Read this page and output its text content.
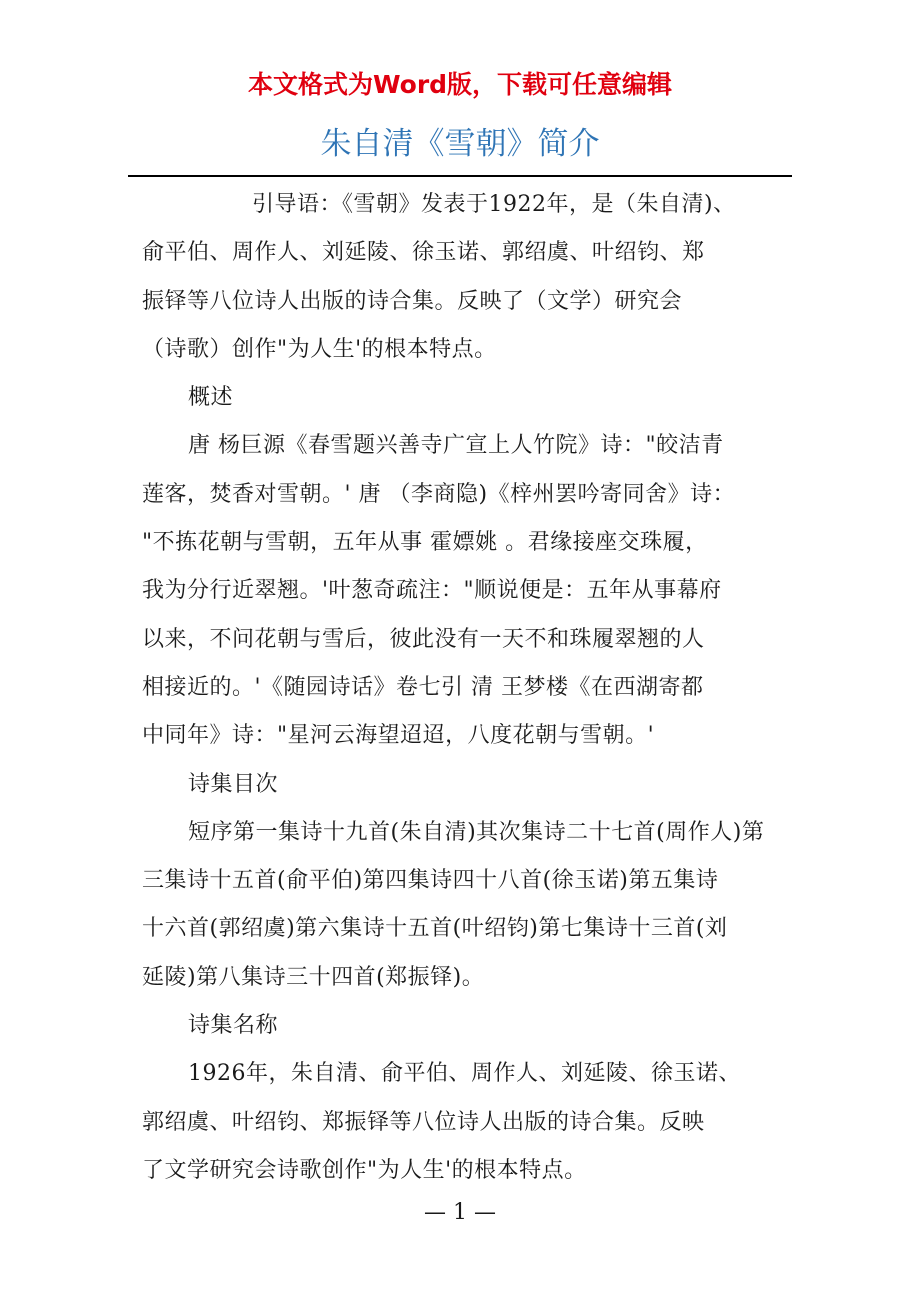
本文格式为Word版，下载可任意编辑
朱自清《雪朝》简介
引导语：《雪朝》发表于1922年，是（朱自清)、
俞平伯、周作人、刘延陵、徐玉诺、郭绍虞、叶绍钧、郑
振铎等八位诗人出版的诗合集。反映了（文学）研究会
（诗歌）创作"为人生'的根本特点。
概述
唐 杨巨源《春雪题兴善寺广宣上人竹院》诗："皎洁青
莲客，焚香对雪朝。' 唐 （李商隐)《梓州罢吟寄同舍》诗：
"不拣花朝与雪朝，五年从事 霍嫖姚 。君缘接座交珠履，
我为分行近翠翘。'叶葱奇疏注："顺说便是：五年从事幕府
以来，不问花朝与雪后，彼此没有一天不和珠履翠翘的人
相接近的。'《随园诗话》卷七引 清 王梦楼《在西湖寄都
中同年》诗："星河云海望迢迢，八度花朝与雪朝。'
诗集目次
短序第一集诗十九首(朱自清)其次集诗二十七首(周作人)第
三集诗十五首(俞平伯)第四集诗四十八首(徐玉诺)第五集诗
十六首(郭绍虞)第六集诗十五首(叶绍钧)第七集诗十三首(刘
延陵)第八集诗三十四首(郑振铎)。
诗集名称
1926年，朱自清、俞平伯、周作人、刘延陵、徐玉诺、
郭绍虞、叶绍钧、郑振铎等八位诗人出版的诗合集。反映
了文学研究会诗歌创作"为人生'的根本特点。
— 1 —
